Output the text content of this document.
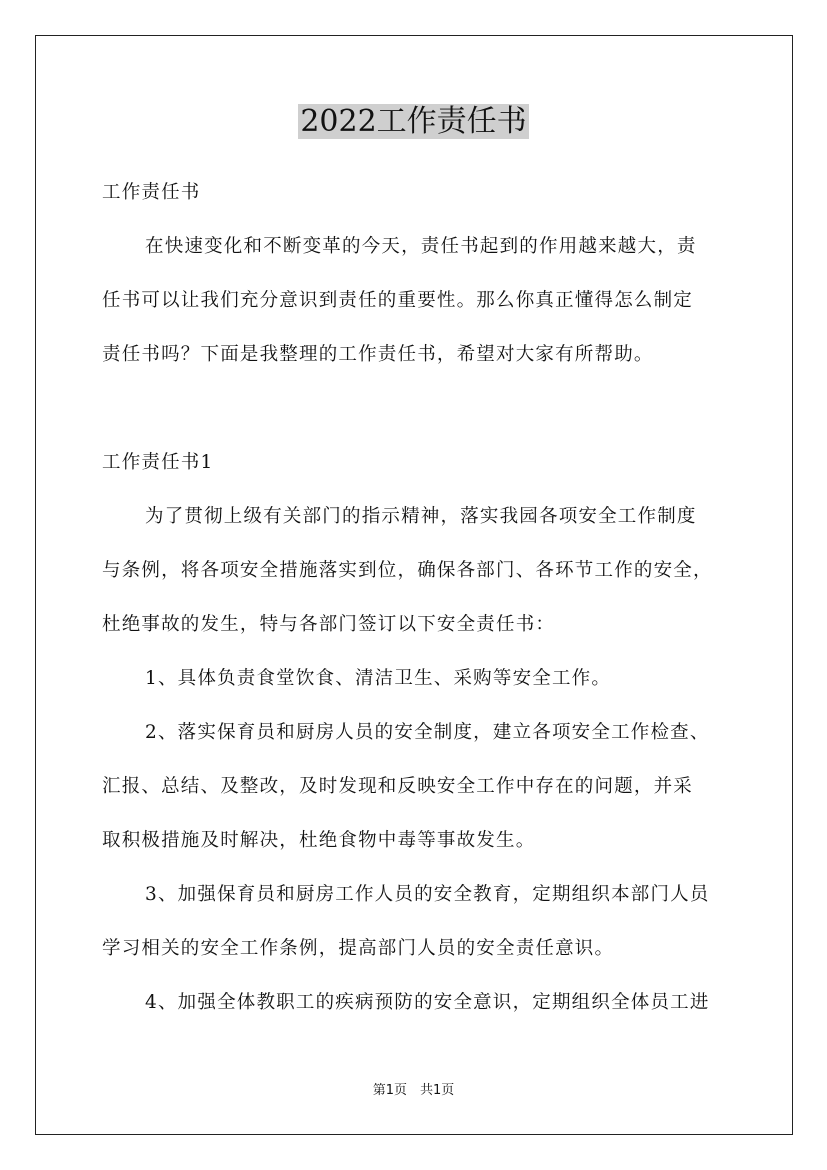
2022工作责任书
工作责任书
在快速变化和不断变革的今天，责任书起到的作用越来越大，责
任书可以让我们充分意识到责任的重要性。那么你真正懂得怎么制定
责任书吗？下面是我整理的工作责任书，希望对大家有所帮助。
工作责任书1
为了贯彻上级有关部门的指示精神，落实我园各项安全工作制度
与条例，将各项安全措施落实到位，确保各部门、各环节工作的安全，
杜绝事故的发生，特与各部门签订以下安全责任书：
1、具体负责食堂饮食、清洁卫生、采购等安全工作。
2、落实保育员和厨房人员的安全制度，建立各项安全工作检查、
汇报、总结、及整改，及时发现和反映安全工作中存在的问题，并采
取积极措施及时解决，杜绝食物中毒等事故发生。
3、加强保育员和厨房工作人员的安全教育，定期组织本部门人员
学习相关的安全工作条例，提高部门人员的安全责任意识。
4、加强全体教职工的疾病预防的安全意识，定期组织全体员工进
第1页　共1页
